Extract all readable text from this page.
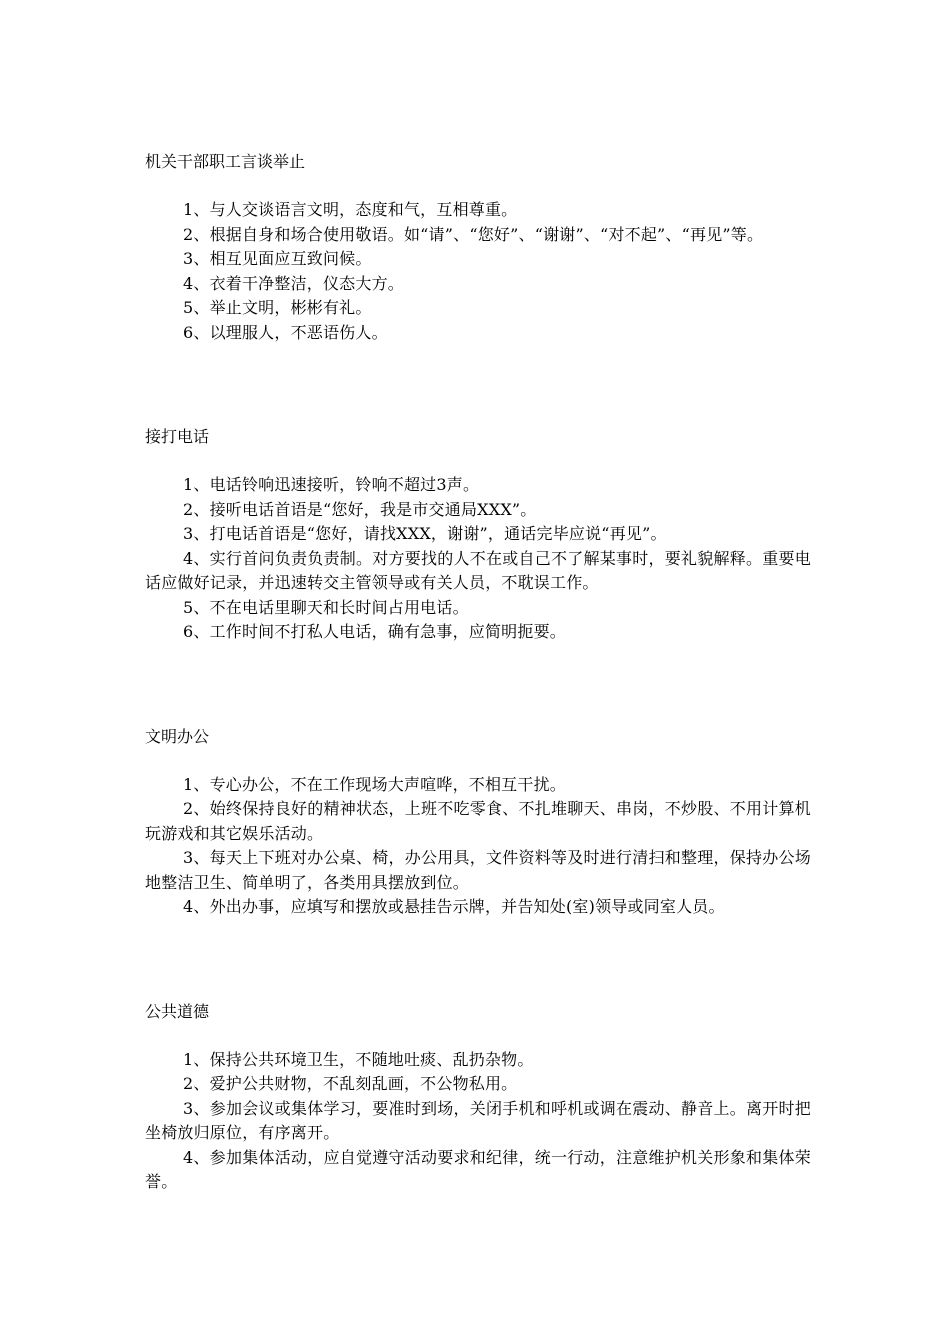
机关干部职工言谈举止

1、与人交谈语言文明，态度和气，互相尊重。

2、根据自身和场合使用敬语。如“请”、“您好”、“谢谢”、“对不起”、“再见”等。

3、相互见面应互致问候。

4、衣着干净整洁，仪态大方。

5、举止文明，彬彬有礼。

6、以理服人，不恶语伤人。

接打电话

1、电话铃响迅速接听，铃响不超过3声。

2、接听电话首语是“您好，我是市交通局XXX”。

3、打电话首语是“您好，请找XXX，谢谢”，通话完毕应说“再见”。

4、实行首问负责负责制。对方要找的人不在或自己不了解某事时，要礼貌解释。重要电话应做好记录，并迅速转交主管领导或有关人员，不耽误工作。

5、不在电话里聊天和长时间占用电话。

6、工作时间不打私人电话，确有急事，应简明扼要。

文明办公

1、专心办公，不在工作现场大声喧哗，不相互干扰。

2、始终保持良好的精神状态，上班不吃零食、不扎堆聊天、串岗，不炒股、不用计算机玩游戏和其它娱乐活动。

3、每天上下班对办公桌、椅，办公用具，文件资料等及时进行清扫和整理，保持办公场地整洁卫生、简单明了，各类用具摆放到位。

4、外出办事，应填写和摆放或悬挂告示牌，并告知处(室)领导或同室人员。

公共道德

1、保持公共环境卫生，不随地吐痰、乱扔杂物。

2、爱护公共财物，不乱刻乱画，不公物私用。

3、参加会议或集体学习，要准时到场，关闭手机和呼机或调在震动、静音上。离开时把坐椅放归原位，有序离开。

4、参加集体活动，应自觉遵守活动要求和纪律，统一行动，注意维护机关形象和集体荣誉。
